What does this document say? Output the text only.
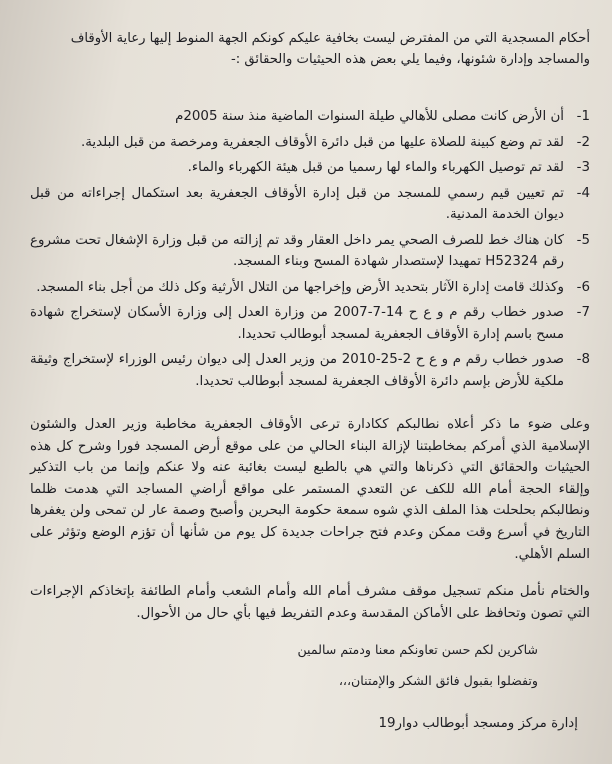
أحكام المسجدية التي من المفترض ليست بخافية عليكم كونكم الجهة المنوط إليها رعاية الأوقاف والمساجد وإدارة شئونها، وفيما يلي بعض هذه الحيثيات والحقائق :-

-1
أن الأرض كانت مصلى للأهالي طيلة السنوات الماضية منذ سنة 2005م
-2
لقد تم وضع كبينة للصلاة عليها من قبل دائرة الأوقاف الجعفرية ومرخصة من قبل البلدية.
-3
لقد تم توصيل الكهرباء والماء لها رسميا من قبل هيئة الكهرباء والماء.
-4
تم تعيين قيم رسمي للمسجد من قبل إدارة الأوقاف الجعفرية بعد استكمال إجراءاته من قبل ديوان الخدمة المدنية.
-5
كان هناك خط للصرف الصحي يمر داخل العقار وقد تم إزالته من قبل وزارة الإشغال تحت مشروع رقم H52324 تمهيدا لإستصدار شهادة المسح وبناء المسجد.
-6
وكذلك قامت إدارة الآثار بتحديد الأرض وإخراجها من التلال الأرثية وكل ذلك من أجل بناء المسجد.
-7
صدور خطاب رقم م و ع ح 14-7-2007 من وزارة العدل إلى وزارة الأسكان لإستخراج شهادة مسح باسم إدارة الأوقاف الجعفرية لمسجد أبوطالب تحديدا.
-8
صدور خطاب رقم م و ع ح 2-25-2010 من وزير العدل إلى ديوان رئيس الوزراء لإستخراج وثيقة ملكية للأرض بإسم دائرة الأوقاف الجعفرية لمسجد أبوطالب تحديدا.

وعلى ضوء ما ذكر أعلاه نطالبكم ككادارة ترعى الأوقاف الجعفرية مخاطبة وزير العدل والشئون الإسلامية الذي أمركم بمخاطبتنا لإزالة البناء الحالي من على موقع أرض المسجد فورا وشرح كل هذه الحيثيات والحقائق التي ذكرناها والتي هي بالطبع ليست بغائبة عنه ولا عنكم وإنما من باب التذكير وإلقاء الحجة أمام الله للكف عن التعدي المستمر على مواقع أراضي المساجد التي هدمت ظلما ونطالبكم بحلحلت هذا الملف الذي شوه سمعة حكومة البحرين وأصبح وصمة عار لن تمحى ولن يغفرها التاريخ في أسرع وقت ممكن وعدم فتح جراحات جديدة كل يوم من شأنها أن تؤزم الوضع وتؤثر على السلم الأهلي.

والختام نأمل منكم تسجيل موقف مشرف أمام الله وأمام الشعب وأمام الطائفة بإتخاذكم الإجراءات التي تصون وتحافظ على الأماكن المقدسة وعدم التفريط فيها بأي حال من الأحوال.

شاكرين لكم حسن تعاونكم معنا ودمتم سالمين

وتفضلوا بقبول فائق الشكر والإمتنان،،،

إدارة مركز ومسجد أبوطالب دوار19
